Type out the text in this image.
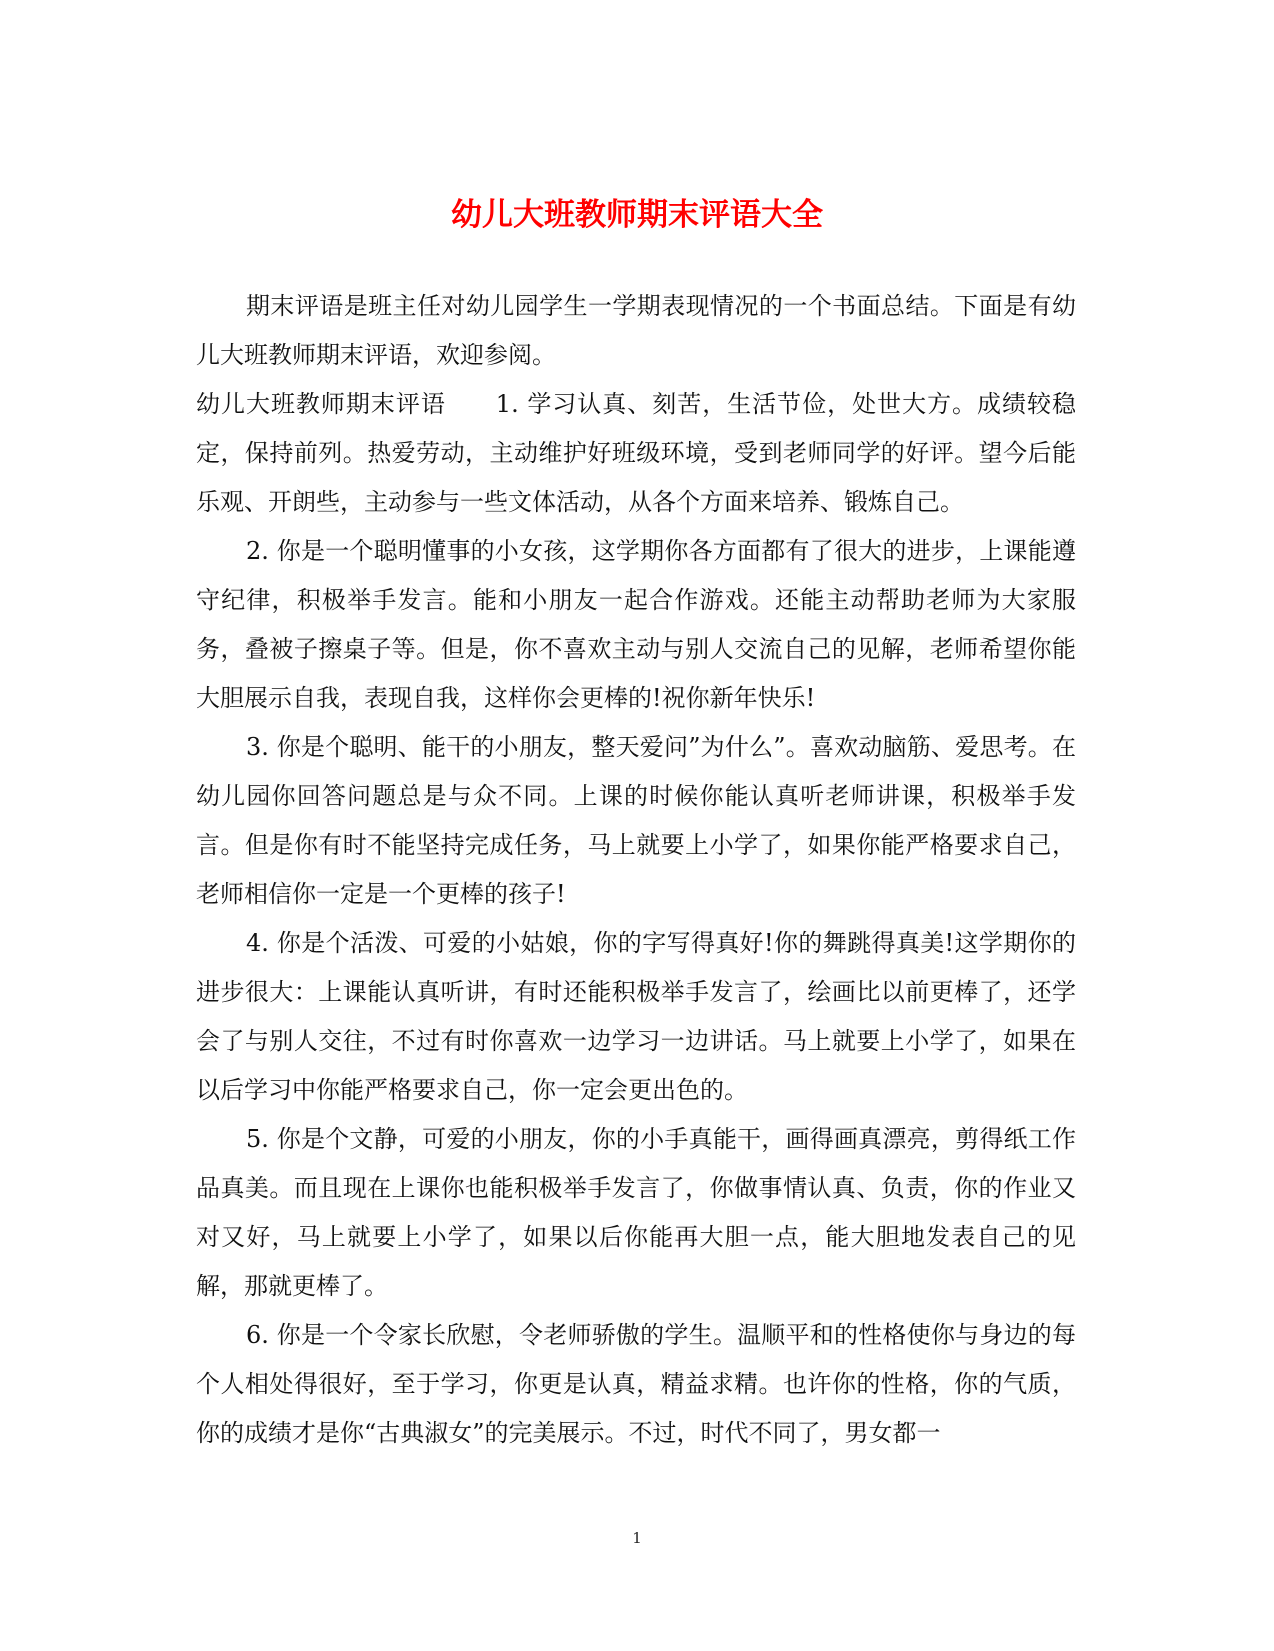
幼儿大班教师期末评语大全

期末评语是班主任对幼儿园学生一学期表现情况的一个书面总结。下面是有幼儿大班教师期末评语，欢迎参阅。

幼儿大班教师期末评语　　1. 学习认真、刻苦，生活节俭，处世大方。成绩较稳定，保持前列。热爱劳动，主动维护好班级环境，受到老师同学的好评。望今后能乐观、开朗些，主动参与一些文体活动，从各个方面来培养、锻炼自己。

2. 你是一个聪明懂事的小女孩，这学期你各方面都有了很大的进步，上课能遵守纪律，积极举手发言。能和小朋友一起合作游戏。还能主动帮助老师为大家服务，叠被子擦桌子等。但是，你不喜欢主动与别人交流自己的见解，老师希望你能大胆展示自我，表现自我，这样你会更棒的!祝你新年快乐!

3. 你是个聪明、能干的小朋友，整天爱问”为什么”。喜欢动脑筋、爱思考。在幼儿园你回答问题总是与众不同。上课的时候你能认真听老师讲课，积极举手发言。但是你有时不能坚持完成任务，马上就要上小学了，如果你能严格要求自己，老师相信你一定是一个更棒的孩子!

4. 你是个活泼、可爱的小姑娘，你的字写得真好!你的舞跳得真美!这学期你的进步很大：上课能认真听讲，有时还能积极举手发言了，绘画比以前更棒了，还学会了与别人交往，不过有时你喜欢一边学习一边讲话。马上就要上小学了，如果在以后学习中你能严格要求自己，你一定会更出色的。

5. 你是个文静，可爱的小朋友，你的小手真能干，画得画真漂亮，剪得纸工作品真美。而且现在上课你也能积极举手发言了，你做事情认真、负责，你的作业又对又好，马上就要上小学了，如果以后你能再大胆一点，能大胆地发表自己的见解，那就更棒了。

6. 你是一个令家长欣慰，令老师骄傲的学生。温顺平和的性格使你与身边的每个人相处得很好，至于学习，你更是认真，精益求精。也许你的性格，你的气质，你的成绩才是你“古典淑女”的完美展示。不过，时代不同了，男女都一

1
